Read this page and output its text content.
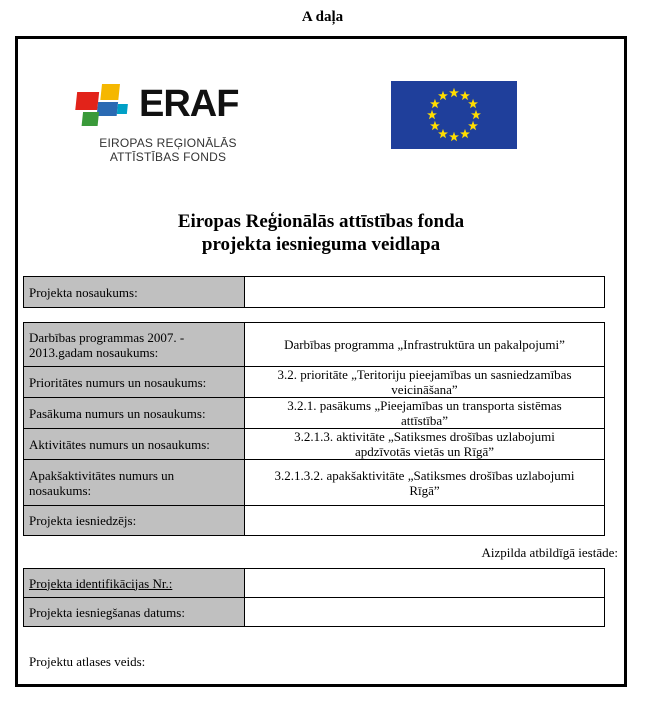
A daļa
ERAF
EIROPAS REĢIONĀLĀS
ATTĪSTĪBAS FONDS
Eiropas Reģionālās attīstības fonda
projekta iesnieguma veidlapa
Projekta nosaukums:	
Darbības programmas 2007. -
2013.gadam nosaukums:	Darbības programma „Infrastruktūra un pakalpojumi”
Prioritātes numurs un nosaukums:	3.2. prioritāte „Teritoriju pieejamības un sasniedzamības
veicināšana”
Pasākuma numurs un nosaukums:	3.2.1. pasākums „Pieejamības un transporta sistēmas
attīstība”
Aktivitātes numurs un nosaukums:	3.2.1.3. aktivitāte „Satiksmes drošības uzlabojumi
apdzīvotās vietās un Rīgā”
Apakšaktivitātes numurs un
nosaukums:	3.2.1.3.2. apakšaktivitāte „Satiksmes drošības uzlabojumi
Rīgā”
Projekta iesniedzējs:	
Aizpilda atbildīgā iestāde:
Projekta identifikācijas Nr.:	
Projekta iesniegšanas datums:	
Projektu atlases veids:
